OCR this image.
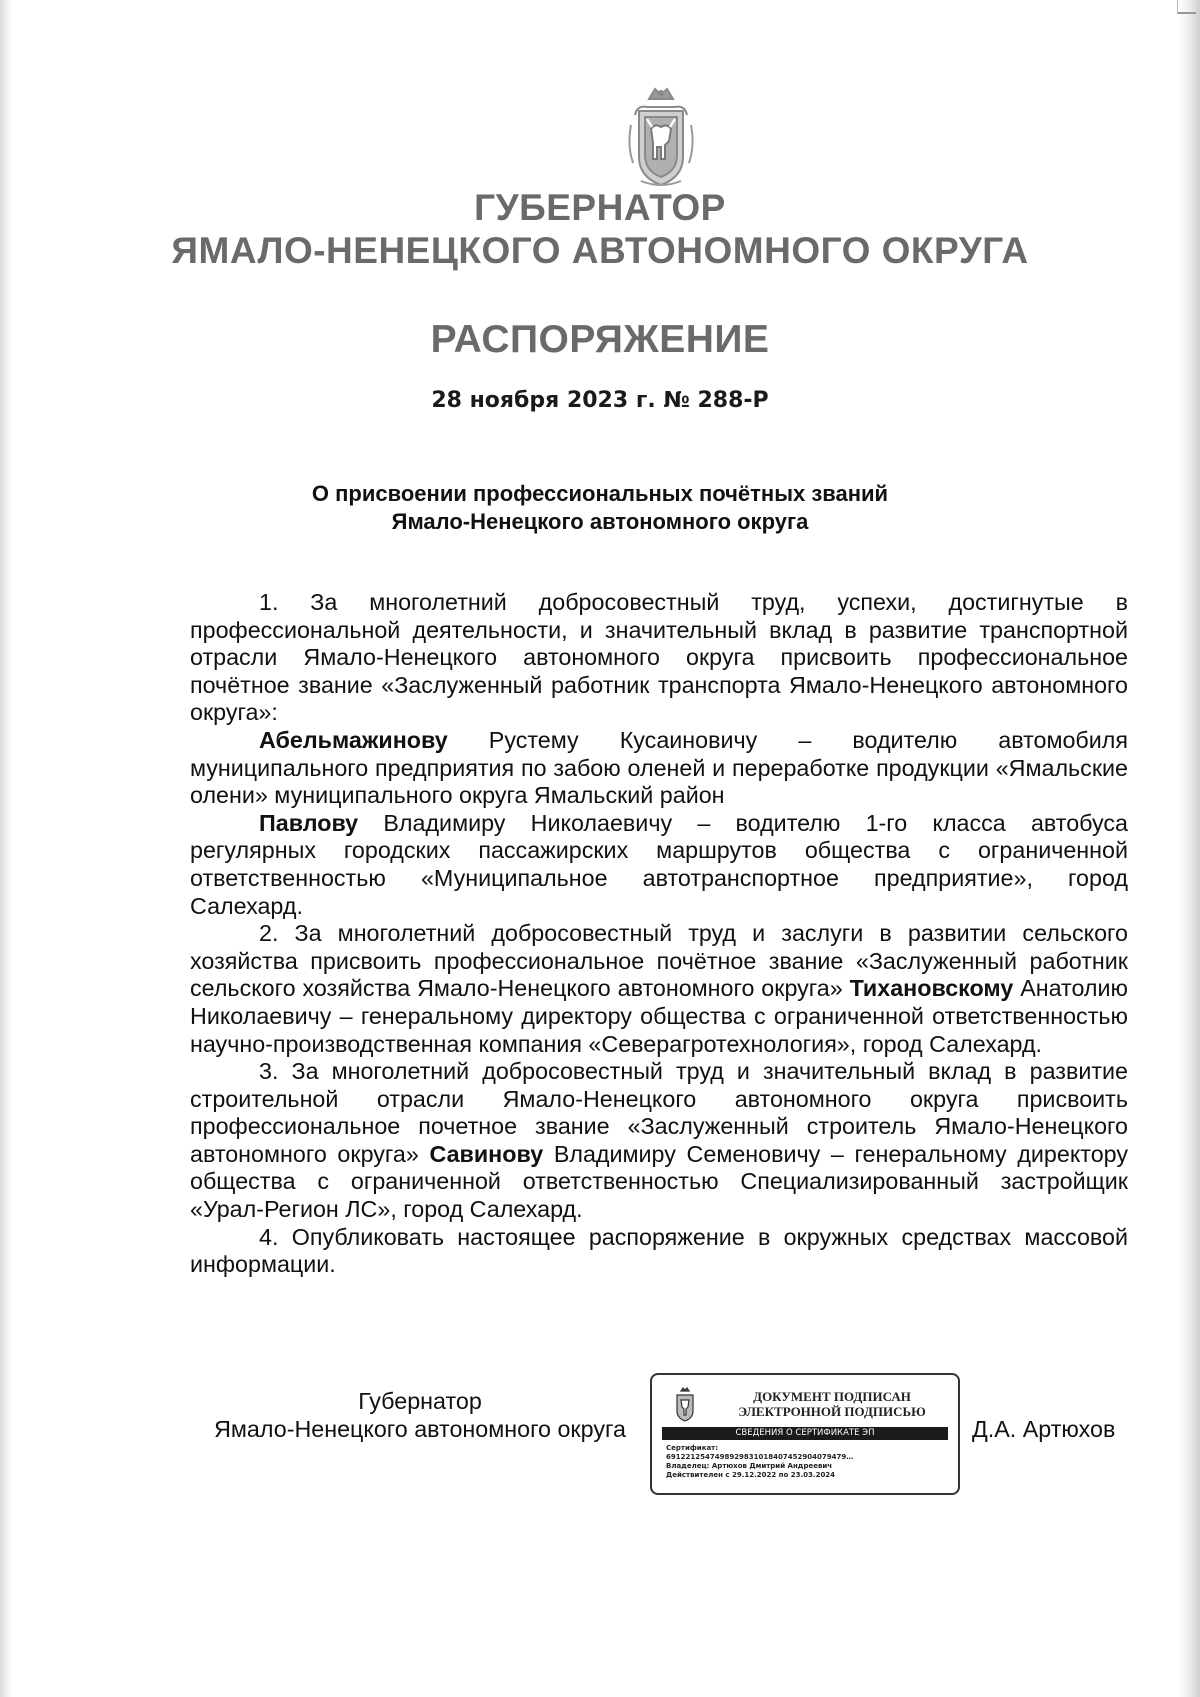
ГУБЕРНАТОР
ЯМАЛО-НЕНЕЦКОГО АВТОНОМНОГО ОКРУГА
РАСПОРЯЖЕНИЕ
28 ноября 2023 г. № 288-Р
О присвоении профессиональных почётных званий
Ямало-Ненецкого автономного округа

1. За многолетний добросовестный труд, успехи, достигнутые в профессиональной деятельности, и значительный вклад в развитие транспортной отрасли Ямало-Ненецкого автономного округа присвоить профессиональное почётное звание «Заслуженный работник транспорта Ямало-Ненецкого автономного округа»:

Абельмажинову Рустему Кусаиновичу – водителю автомобиля муниципального предприятия по забою оленей и переработке продукции «Ямальские олени» муниципального округа Ямальский район

Павлову Владимиру Николаевичу – водителю 1-го класса автобуса регулярных городских пассажирских маршрутов общества с ограниченной ответственностью «Муниципальное автотранспортное предприятие», город Салехард.

2. За многолетний добросовестный труд и заслуги в развитии сельского хозяйства присвоить профессиональное почётное звание «Заслуженный работник сельского хозяйства Ямало-Ненецкого автономного округа» Тихановскому Анатолию Николаевичу – генеральному директору общества с ограниченной ответственностью научно-производственная компания «Северагротехнология», город Салехард.

3. За многолетний добросовестный труд и значительный вклад в развитие строительной отрасли Ямало-Ненецкого автономного округа присвоить профессиональное почетное звание «Заслуженный строитель Ямало-Ненецкого автономного округа» Савинову Владимиру Семеновичу – генеральному директору общества с ограниченной ответственностью Специализированный застройщик «Урал-Регион ЛС», город Салехард.

4. Опубликовать настоящее распоряжение в окружных средствах массовой информации.

Губернатор
Ямало-Ненецкого автономного округа
ДОКУМЕНТ ПОДПИСАН
ЭЛЕКТРОННОЙ ПОДПИСЬЮ
СВЕДЕНИЯ О СЕРТИФИКАТЕ ЭП
Сертификат:
6912212547498929831018407452904079479…
Владелец: Артюхов Дмитрий Андреевич
Действителен с 29.12.2022 по 23.03.2024
Д.А. Артюхов
